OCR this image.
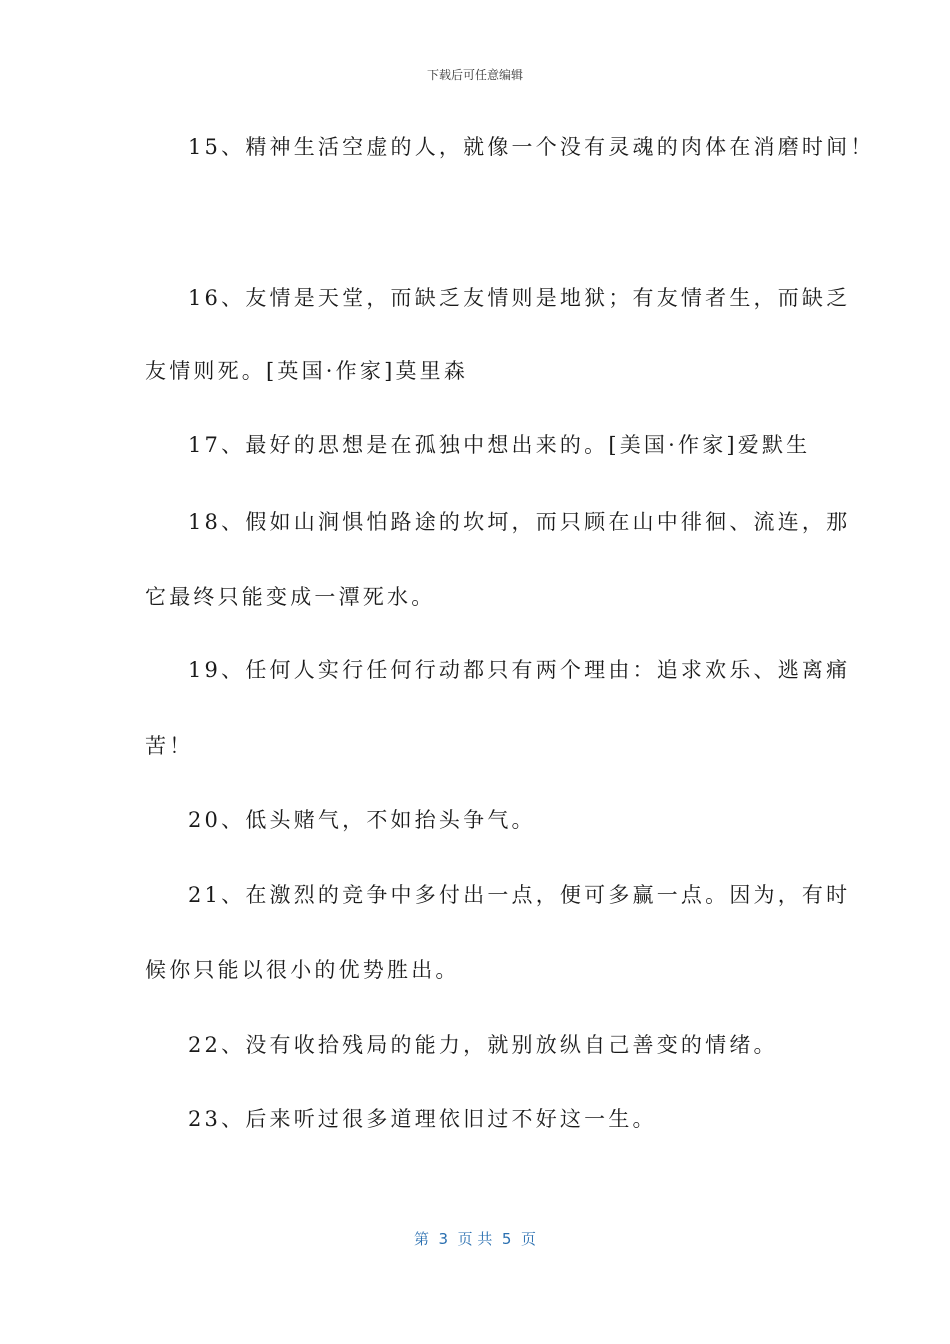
下载后可任意编辑
15、精神生活空虚的人，就像一个没有灵魂的肉体在消磨时间！
16、友情是天堂，而缺乏友情则是地狱；有友情者生，而缺乏
友情则死。[英国·作家]莫里森
17、最好的思想是在孤独中想出来的。[美国·作家]爱默生
18、假如山涧惧怕路途的坎坷，而只顾在山中徘徊、流连，那
它最终只能变成一潭死水。
19、任何人实行任何行动都只有两个理由：追求欢乐、逃离痛
苦！
20、低头赌气，不如抬头争气。
21、在激烈的竞争中多付出一点，便可多赢一点。因为，有时
候你只能以很小的优势胜出。
22、没有收拾残局的能力，就别放纵自己善变的情绪。
23、后来听过很多道理依旧过不好这一生。
第  3  页 共  5  页
